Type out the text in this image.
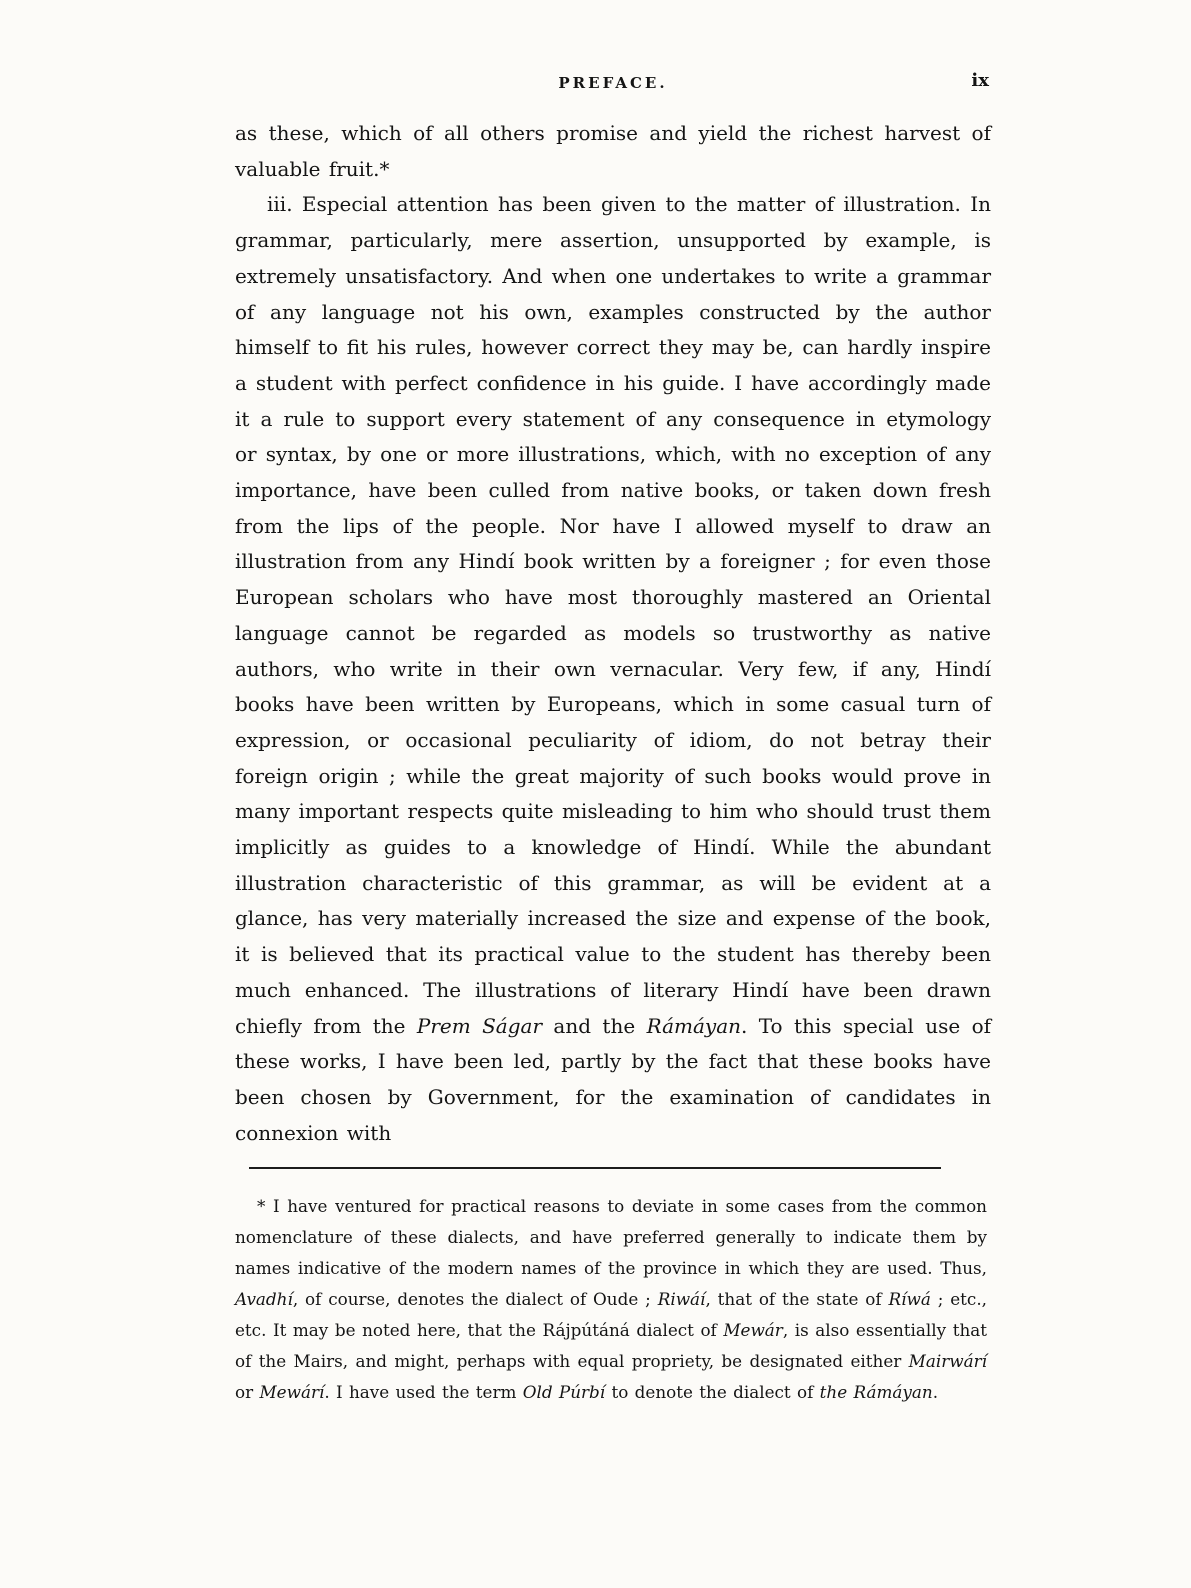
PREFACE.	ix

as these, which of all others promise and yield the richest harvest of valuable fruit.*

iii. Especial attention has been given to the matter of illustration. In grammar, particularly, mere assertion, unsupported by example, is extremely unsatisfactory. And when one undertakes to write a grammar of any language not his own, examples constructed by the author himself to fit his rules, however correct they may be, can hardly inspire a student with perfect confidence in his guide. I have accordingly made it a rule to support every statement of any consequence in etymology or syntax, by one or more illustrations, which, with no exception of any importance, have been culled from native books, or taken down fresh from the lips of the people. Nor have I allowed myself to draw an illustration from any Hindí book written by a foreigner ; for even those European scholars who have most thoroughly mastered an Oriental language cannot be regarded as models so trustworthy as native authors, who write in their own vernacular. Very few, if any, Hindí books have been written by Europeans, which in some casual turn of expression, or occasional peculiarity of idiom, do not betray their foreign origin ; while the great majority of such books would prove in many important respects quite misleading to him who should trust them implicitly as guides to a knowledge of Hindí. While the abundant illustration characteristic of this grammar, as will be evident at a glance, has very materially increased the size and expense of the book, it is believed that its practical value to the student has thereby been much enhanced. The illustrations of literary Hindí have been drawn chiefly from the Prem Ságar and the Rámáyan. To this special use of these works, I have been led, partly by the fact that these books have been chosen by Government, for the examination of candidates in connexion with

* I have ventured for practical reasons to deviate in some cases from the common nomenclature of these dialects, and have preferred generally to indicate them by names indicative of the modern names of the province in which they are used. Thus, Avadhí, of course, denotes the dialect of Oude ; Riwáí, that of the state of Ríwá ; etc., etc. It may be noted here, that the Rájpútáná dialect of Mewár, is also essentially that of the Mairs, and might, perhaps with equal propriety, be designated either Mairwárí or Mewárí. I have used the term Old Púrbí to denote the dialect of the Rámáyan.
